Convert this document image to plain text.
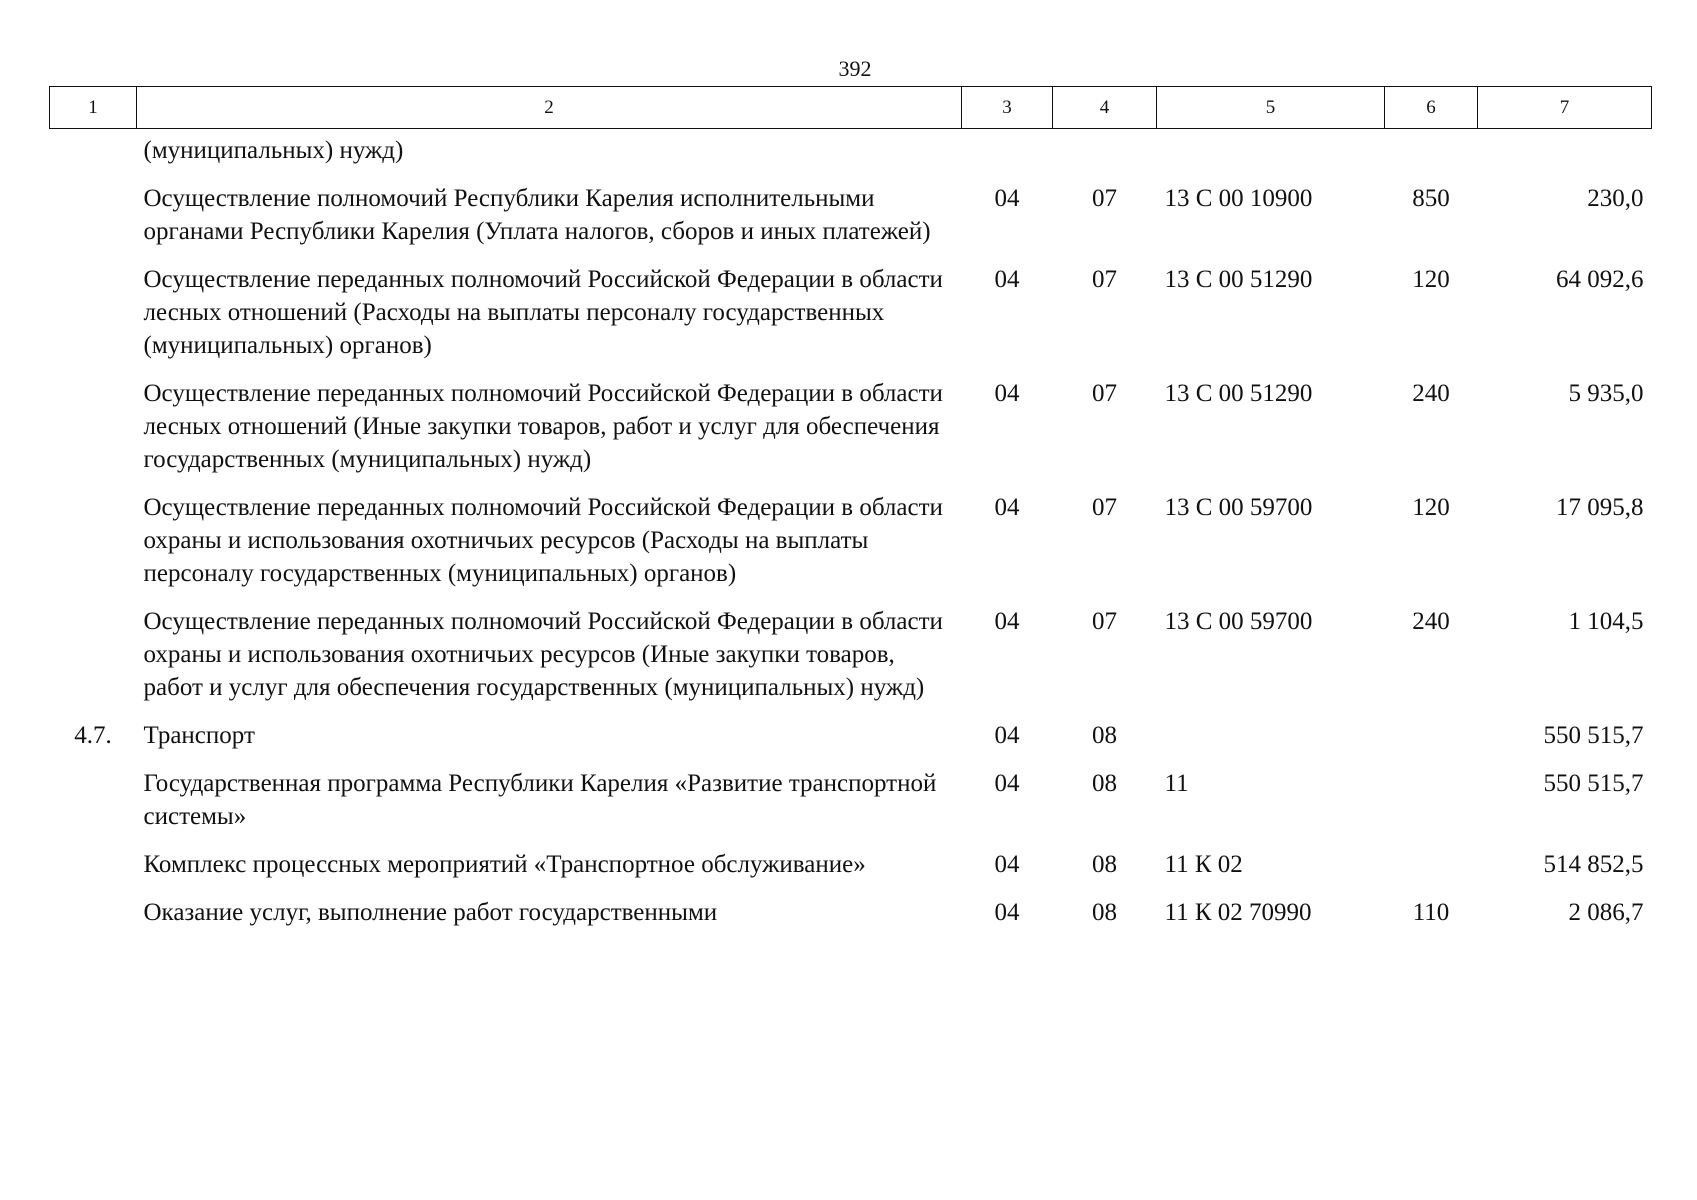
392
1	2	3	4	5	6	7
	(муниципальных) нужд)					
	Осуществление полномочий Республики Карелия исполнительными органами Республики Карелия (Уплата налогов, сборов и иных платежей)	04	07	13 С 00 10900	850	230,0
	Осуществление переданных полномочий Российской Федерации в области лесных отношений (Расходы на выплаты персоналу государственных (муниципальных) органов)	04	07	13 С 00 51290	120	64 092,6
	Осуществление переданных полномочий Российской Федерации в области лесных отношений (Иные закупки товаров, работ и услуг для обеспечения государственных (муниципальных) нужд)	04	07	13 С 00 51290	240	5 935,0
	Осуществление переданных полномочий Российской Федерации в области охраны и использования охотничьих ресурсов (Расходы на выплаты персоналу государственных (муниципальных) органов)	04	07	13 С 00 59700	120	17 095,8
	Осуществление переданных полномочий Российской Федерации в области охраны и использования охотничьих ресурсов (Иные закупки товаров, работ и услуг для обеспечения государственных (муниципальных) нужд)	04	07	13 С 00 59700	240	1 104,5
4.7.	Транспорт	04	08			550 515,7
	Государственная программа Республики Карелия «Развитие транспортной системы»	04	08	11		550 515,7
	Комплекс процессных мероприятий «Транспортное обслуживание»	04	08	11 К 02		514 852,5
	Оказание услуг, выполнение работ государственными	04	08	11 К 02 70990	110	2 086,7
